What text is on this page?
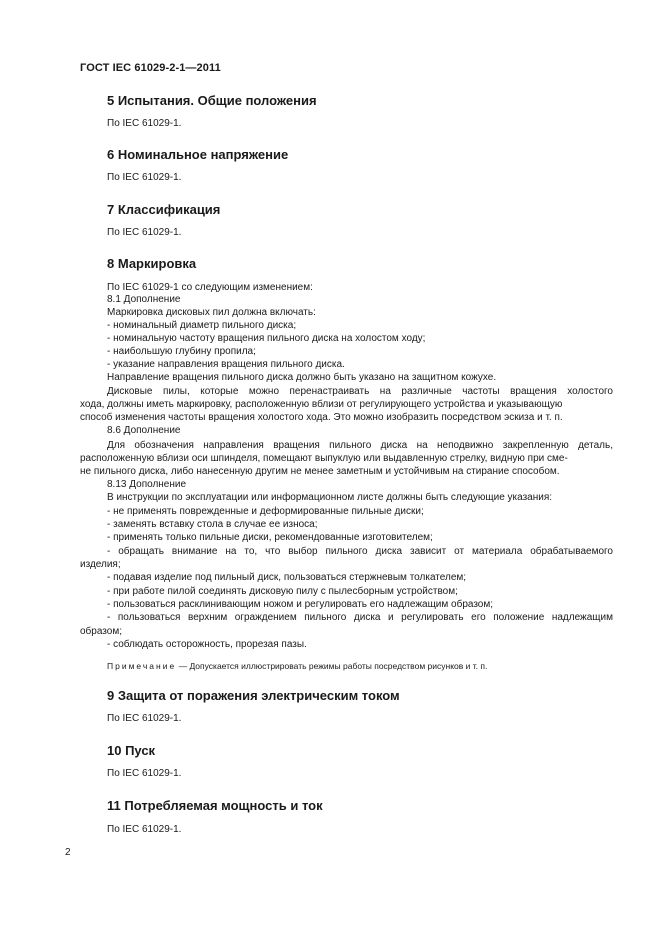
ГОСТ IEC 61029-2-1—2011
5 Испытания. Общие положения
По IEC 61029-1.
6 Номинальное напряжение
По IEC 61029-1.
7 Классификация
По IEC 61029-1.
8 Маркировка
По IEC 61029-1 со следующим изменением:
8.1 Дополнение
Маркировка дисковых пил должна включать:
- номинальный диаметр пильного диска;
- номинальную частоту вращения пильного диска на холостом ходу;
- наибольшую глубину пропила;
- указание направления вращения пильного диска.
Направление вращения пильного диска должно быть указано на защитном кожухе.
Дисковые пилы, которые можно перенастраивать на различные частоты вращения холостого
хода, должны иметь маркировку, расположенную вблизи от регулирующего устройства и указывающую
способ изменения частоты вращения холостого хода. Это можно изобразить посредством эскиза и т. п.
8.6 Дополнение
Для обозначения направления вращения пильного диска на неподвижно закрепленную деталь,
расположенную вблизи оси шпинделя, помещают выпуклую или выдавленную стрелку, видную при сме-
не пильного диска, либо нанесенную другим не менее заметным и устойчивым на стирание способом.
8.13 Дополнение
В инструкции по эксплуатации или информационном листе должны быть следующие указания:
- не применять поврежденные и деформированные пильные диски;
- заменять вставку стола в случае ее износа;
- применять только пильные диски, рекомендованные изготовителем;
- обращать внимание на то, что выбор пильного диска зависит от материала обрабатываемого
изделия;
- подавая изделие под пильный диск, пользоваться стержневым толкателем;
- при работе пилой соединять дисковую пилу с пылесборным устройством;
- пользоваться расклинивающим ножом и регулировать его надлежащим образом;
- пользоваться верхним ограждением пильного диска и регулировать его положение надлежащим
образом;
- соблюдать осторожность, прорезая пазы.
Примечание — Допускается иллюстрировать режимы работы посредством рисунков и т. п.
9 Защита от поражения электрическим током
По IEC 61029-1.
10 Пуск
По IEC 61029-1.
11 Потребляемая мощность и ток
По IEC 61029-1.
2
